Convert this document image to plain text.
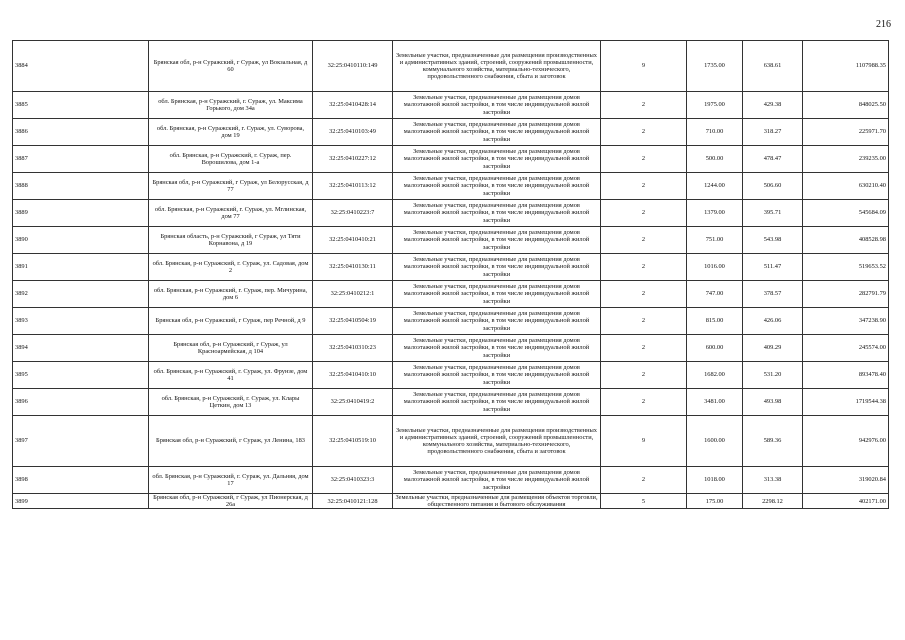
216
3884	Брянская обл, р-н Суражский, г Сураж, ул Вокзальная, д 60	32:25:0410110:149	Земельные участки, предназначенные для размещения производственных и административных зданий, строений, сооружений промышленности, коммунального хозяйства, материально-технического, продовольственного снабжения, сбыта и заготовок	9	1735.00	638.61	1107988.35
3885	обл. Брянская, р-н Суражский, г. Сураж, ул. Максима Горького, дом 34а	32:25:0410428:14	Земельные участки, предназначенные для размещения домов малоэтажной жилой застройки, в том числе индивидуальной жилой застройки	2	1975.00	429.38	848025.50
3886	обл. Брянская, р-н Суражский, г. Сураж, ул. Суворова, дом 19	32:25:0410103:49	Земельные участки, предназначенные для размещения домов малоэтажной жилой застройки, в том числе индивидуальной жилой застройки	2	710.00	318.27	225971.70
3887	обл. Брянская, р-н Суражский, г. Сураж, пер. Ворошилова, дом 1-а	32:25:0410227:12	Земельные участки, предназначенные для размещения домов малоэтажной жилой застройки, в том числе индивидуальной жилой застройки	2	500.00	478.47	239235.00
3888	Брянская обл, р-н Суражский, г Сураж, ул Белорусская, д 77	32:25:0410113:12	Земельные участки, предназначенные для размещения домов малоэтажной жилой застройки, в том числе индивидуальной жилой застройки	2	1244.00	506.60	630210.40
3889	обл. Брянская, р-н Суражский, г. Сураж, ул. Мглинская, дом 77	32:25:0410223:7	Земельные участки, предназначенные для размещения домов малоэтажной жилой застройки, в том числе индивидуальной жилой застройки	2	1379.00	395.71	545684.09
3890	Брянская область, р-н Суражский, г Сураж, ул Тяти Корнавона, д 19	32:25:0410410:21	Земельные участки, предназначенные для размещения домов малоэтажной жилой застройки, в том числе индивидуальной жилой застройки	2	751.00	543.98	408528.98
3891	обл. Брянская, р-н Суражский, г. Сураж, ул. Садовая, дом 2	32:25:0410130:11	Земельные участки, предназначенные для размещения домов малоэтажной жилой застройки, в том числе индивидуальной жилой застройки	2	1016.00	511.47	519653.52
3892	обл. Брянская, р-н Суражский, г. Сураж, пер. Мичурина, дом 6	32:25:0410212:1	Земельные участки, предназначенные для размещения домов малоэтажной жилой застройки, в том числе индивидуальной жилой застройки	2	747.00	378.57	282791.79
3893	Брянская обл, р-н Суражский, г Сураж, пер Речной, д 9	32:25:0410504:19	Земельные участки, предназначенные для размещения домов малоэтажной жилой застройки, в том числе индивидуальной жилой застройки	2	815.00	426.06	347238.90
3894	Брянская обл, р-н Суражский, г Сураж, ул Красноармейская, д 104	32:25:0410310:23	Земельные участки, предназначенные для размещения домов малоэтажной жилой застройки, в том числе индивидуальной жилой застройки	2	600.00	409.29	245574.00
3895	обл. Брянская, р-н Суражский, г. Сураж, ул. Фрунзе, дом 41	32:25:0410410:10	Земельные участки, предназначенные для размещения домов малоэтажной жилой застройки, в том числе индивидуальной жилой застройки	2	1682.00	531.20	893478.40
3896	обл. Брянская, р-н Суражский, г. Сураж, ул. Клары Цеткин, дом 13	32:25:0410419:2	Земельные участки, предназначенные для размещения домов малоэтажной жилой застройки, в том числе индивидуальной жилой застройки	2	3481.00	493.98	1719544.38
3897	Брянская обл, р-н Суражский, г Сураж, ул Ленина, 183	32:25:0410519:10	Земельные участки, предназначенные для размещения производственных и административных зданий, строений, сооружений промышленности, коммунального хозяйства, материально-технического, продовольственного снабжения, сбыта и заготовок	9	1600.00	589.36	942976.00
3898	обл. Брянская, р-н Суражский, г. Сураж, ул. Дальняя, дом 17	32:25:0410323:3	Земельные участки, предназначенные для размещения домов малоэтажной жилой застройки, в том числе индивидуальной жилой застройки	2	1018.00	313.38	319020.84
3899	Брянская обл, р-н Суражский, г Сураж, ул Пионерская, д 26а	32:25:0410121:128	Земельные участки, предназначенные для размещения объектов торговли, общественного питания и бытового обслуживания	5	175.00	2298.12	402171.00
